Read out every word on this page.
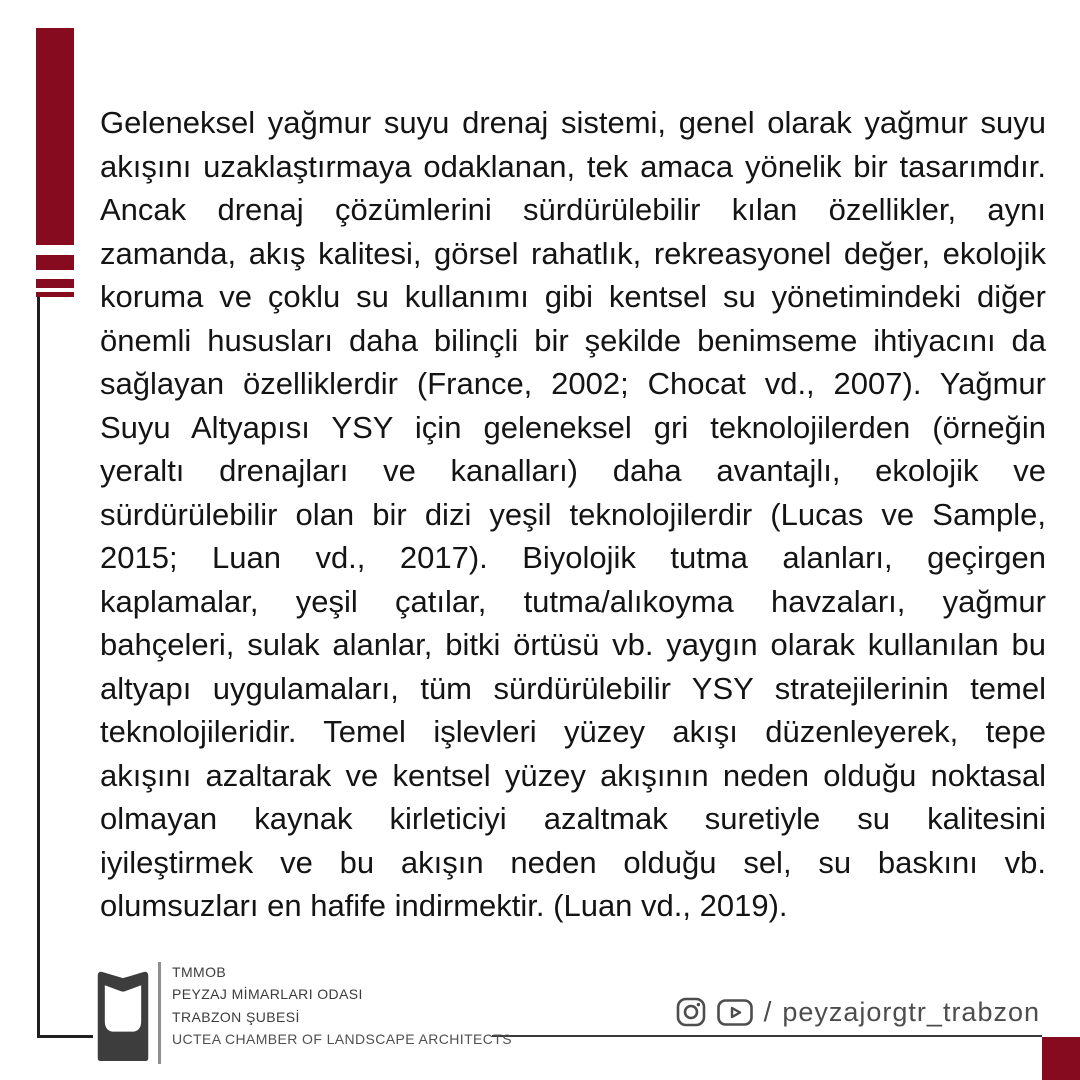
Geleneksel yağmur suyu drenaj sistemi, genel olarak yağmur suyu
akışını uzaklaştırmaya odaklanan, tek amaca yönelik bir tasarımdır.
Ancak drenaj çözümlerini sürdürülebilir kılan özellikler, aynı
zamanda, akış kalitesi, görsel rahatlık, rekreasyonel değer, ekolojik
koruma ve çoklu su kullanımı gibi kentsel su yönetimindeki diğer
önemli hususları daha bilinçli bir şekilde benimseme ihtiyacını da
sağlayan özelliklerdir (France, 2002; Chocat vd., 2007). Yağmur
Suyu Altyapısı YSY için geleneksel gri teknolojilerden (örneğin
yeraltı drenajları ve kanalları) daha avantajlı, ekolojik ve
sürdürülebilir olan bir dizi yeşil teknolojilerdir (Lucas ve Sample,
2015; Luan vd., 2017). Biyolojik tutma alanları, geçirgen
kaplamalar, yeşil çatılar, tutma/alıkoyma havzaları, yağmur
bahçeleri, sulak alanlar, bitki örtüsü vb. yaygın olarak kullanılan bu
altyapı uygulamaları, tüm sürdürülebilir YSY stratejilerinin temel
teknolojileridir. Temel işlevleri yüzey akışı düzenleyerek, tepe
akışını azaltarak ve kentsel yüzey akışının neden olduğu noktasal
olmayan kaynak kirleticiyi azaltmak suretiyle su kalitesini
iyileştirmek ve bu akışın neden olduğu sel, su baskını vb.
olumsuzları en hafife indirmektir. (Luan vd., 2019).
TMMOB
PEYZAJ MİMARLARI ODASI
TRABZON ŞUBESİ
UCTEA CHAMBER OF LANDSCAPE ARCHITECTS
/ peyzajorgtr_trabzon
